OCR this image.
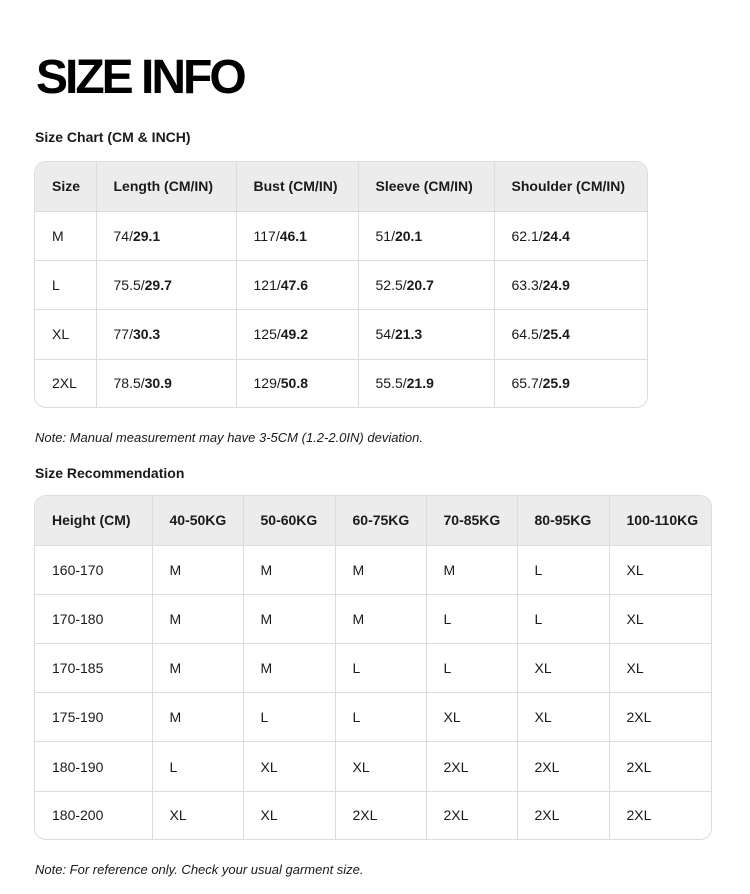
SIZE INFO
Size Chart (CM & INCH)
Size	Length (CM/IN)	Bust (CM/IN)	Sleeve (CM/IN)	Shoulder (CM/IN)
M	74/29.1	117/46.1	51/20.1	62.1/24.4
L	75.5/29.7	121/47.6	52.5/20.7	63.3/24.9
XL	77/30.3	125/49.2	54/21.3	64.5/25.4
2XL	78.5/30.9	129/50.8	55.5/21.9	65.7/25.9

Note: Manual measurement may have 3-5CM (1.2-2.0IN) deviation.

Size Recommendation
Height (CM)	40-50KG	50-60KG	60-75KG	70-85KG	80-95KG	100-110KG
160-170	M	M	M	M	L	XL
170-180	M	M	M	L	L	XL
170-185	M	M	L	L	XL	XL
175-190	M	L	L	XL	XL	2XL
180-190	L	XL	XL	2XL	2XL	2XL
180-200	XL	XL	2XL	2XL	2XL	2XL

Note: For reference only. Check your usual garment size.
